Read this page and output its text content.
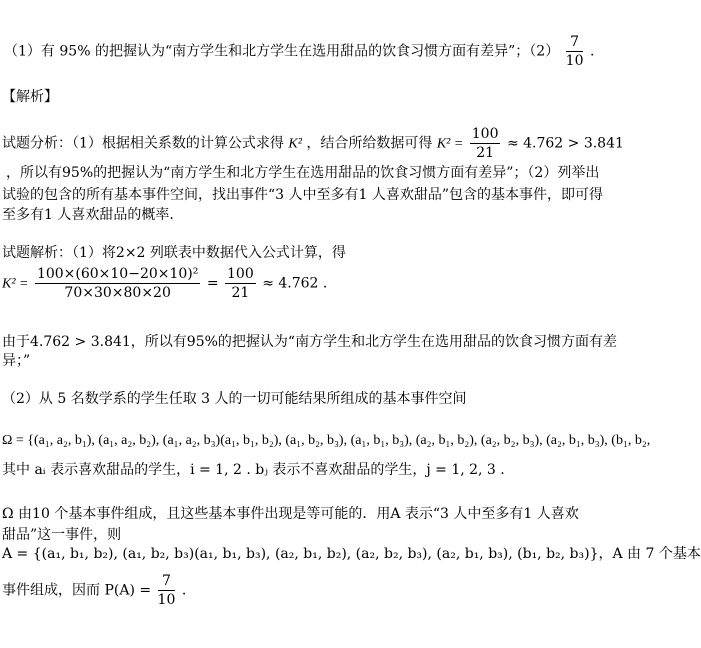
（1）有 95% 的把握认为“南方学生和北方学生在选用甜品的饮食习惯方面有差异”；$(2) \frac{7}{10}$ .
【解析】
试题分析：（1）根据相关系数的计算公式求得 K² ，结合所给数据可得 $K^2 = \frac{100}{21} \approx 4.762 > 3.841$
，所以有95%的把握认为“南方学生和北方学生在选用甜品的饮食习惯方面有差异”；（2）列举出
试验的包含的所有基本事件空间，找出事件“3 人中至多有1 人喜欢甜品”包含的基本事件，即可得
至多有1 人喜欢甜品的概率.
试题解析：（1）将2×2 列联表中数据代入公式计算，得
$K^2 = \frac{\text{100×(60×10−20×10)²}}{70\times 30\times 80\times 20} = \frac{100}{21} \approx 4.762$ .
由于4.762 > 3.841，所以有95%的把握认为“南方学生和北方学生在选用甜品的饮食习惯方面有差
异；”
（2）从 5 名数学系的学生任取 3 人的一切可能结果所组成的基本事件空间
Ω = {(a₁, a₂, b₁), (a₁, a₂, b₂), (a₁, a₂, b₃)(a₁, b₁, b₂), (a₁, b₂, b₃), (a₁, b₁, b₃), (a₂, b₁, b₂), (a₂, b₂, b₃), (a₂, b₁, b₃), (b₁, b₂,
其中 aᵢ 表示喜欢甜品的学生，i = 1, 2 . bⱼ 表示不喜欢甜品的学生，j = 1, 2, 3 .
Ω 由10 个基本事件组成，且这些基本事件出现是等可能的．用A 表示“3 人中至多有1 人喜欢
甜品”这一事件，则
A = {(a₁, b₁, b₂), (a₁, b₂, b₃)(a₁, b₁, b₃), (a₂, b₁, b₂), (a₂, b₂, b₃), (a₂, b₁, b₃), (b₁, b₂, b₃)}，A 由 7 个基本
事件组成，因而 $P(A) = \frac{7}{10}$ .
